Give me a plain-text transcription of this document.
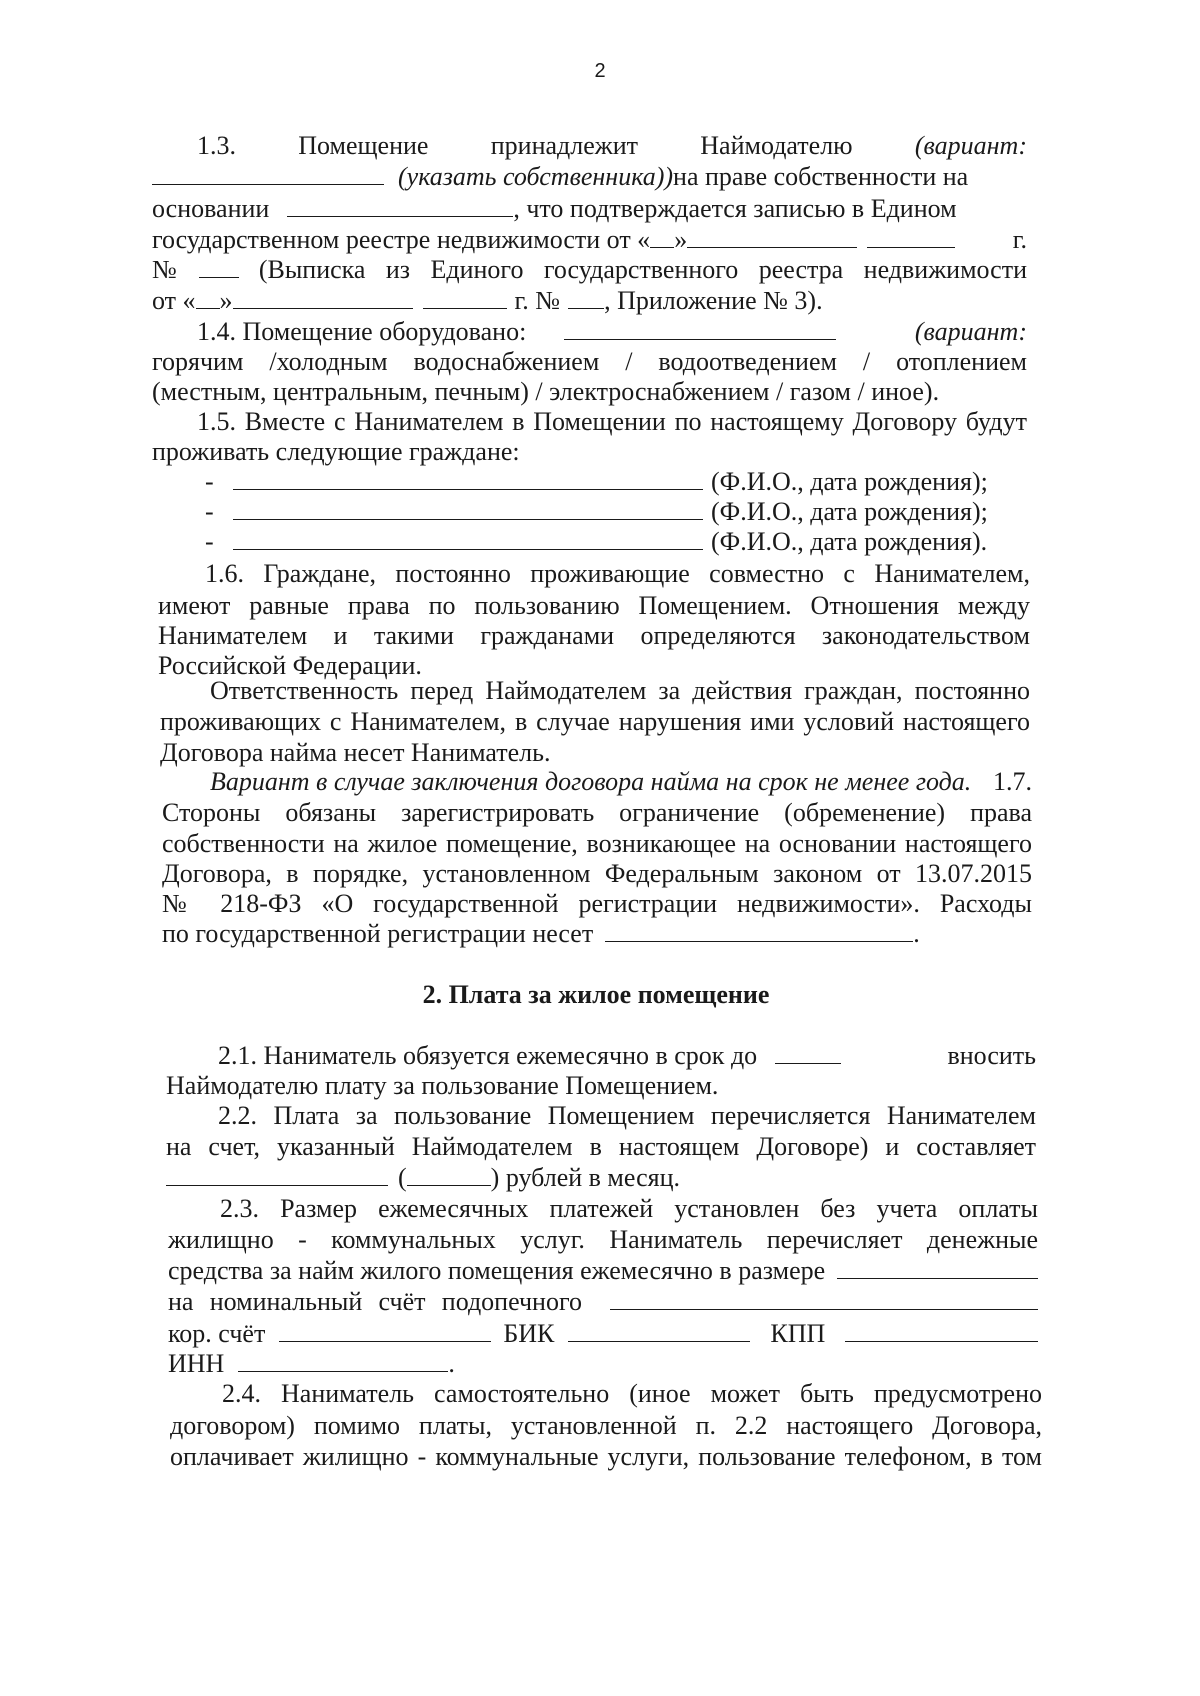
2
1.3. Помещение принадлежит Наймодателю (вариант:
(указать собственника)) на праве собственности на
основании	, что подтверждается записью в Едином
государственном реестре недвижимости от « »	г.
№	(Выписка из Единого государственного реестра недвижимости
от « »	г. № , Приложение № 3).
1.4. Помещение оборудовано:	(вариант:
горячим /холодным водоснабжением / водоотведением / отоплением
(местным, центральным, печным) / электроснабжением / газом / иное).
1.5. Вместе с Нанимателем в Помещении по настоящему Договору будут
проживать следующие граждане:
-	(Ф.И.О., дата рождения);
-	(Ф.И.О., дата рождения);
-	(Ф.И.О., дата рождения).
1.6. Граждане, постоянно проживающие совместно с Нанимателем,
имеют равные права по пользованию Помещением. Отношения между
Нанимателем и такими гражданами определяются законодательством
Российской Федерации.
Ответственность перед Наймодателем за действия граждан, постоянно
проживающих с Нанимателем, в случае нарушения ими условий настоящего
Договора найма несет Наниматель.
Вариант в случае заключения договора найма на срок не менее года. 1.7.
Стороны обязаны зарегистрировать ограничение (обременение) права
собственности на жилое помещение, возникающее на основании настоящего
Договора, в порядке, установленном Федеральным законом от 13.07.2015
№ 218-ФЗ «О государственной регистрации недвижимости». Расходы
по государственной регистрации несет	.
2. Плата за жилое помещение
2.1. Наниматель обязуется ежемесячно в срок до	вносить
Наймодателю плату за пользование Помещением.
2.2. Плата за пользование Помещением перечисляется Нанимателем
на счет, указанный Наймодателем в настоящем Договоре) и составляет
(	) рублей в месяц.
2.3. Размер ежемесячных платежей установлен без учета оплаты
жилищно - коммунальных услуг. Наниматель перечисляет денежные
средства за найм жилого помещения ежемесячно в размере
на номинальный счёт подопечного
кор. счёт	БИК	КПП
ИНН	.
2.4. Наниматель самостоятельно (иное может быть предусмотрено
договором) помимо платы, установленной п. 2.2 настоящего Договора,
оплачивает жилищно - коммунальные услуги, пользование телефоном, в том
